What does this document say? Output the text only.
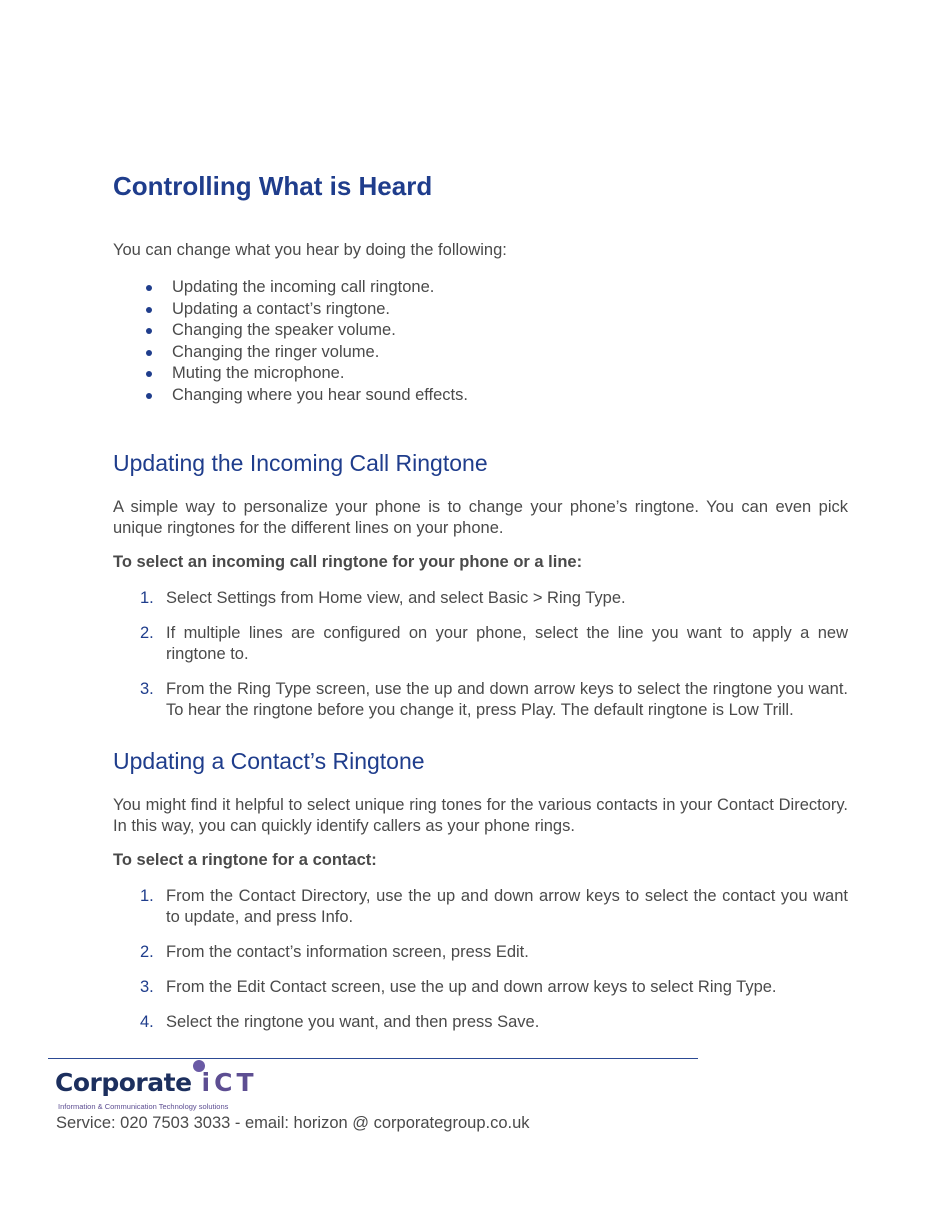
Controlling What is Heard

You can change what you hear by doing the following:

Updating the incoming call ringtone.
Updating a contact’s ringtone.
Changing the speaker volume.
Changing the ringer volume.
Muting the microphone.
Changing where you hear sound effects.
Updating the Incoming Call Ringtone

A simple way to personalize your phone is to change your phone’s ringtone. You can even pick unique ringtones for the different lines on your phone.

To select an incoming call ringtone for your phone or a line:

1. Select Settings from Home view, and select Basic > Ring Type.
2. If multiple lines are configured on your phone, select the line you want to apply a new ringtone to.
3. From the Ring Type screen, use the up and down arrow keys to select the ringtone you want. To hear the ringtone before you change it, press Play. The default ringtone is Low Trill.
Updating a Contact’s Ringtone

You might find it helpful to select unique ring tones for the various contacts in your Contact Directory. In this way, you can quickly identify callers as your phone rings.

To select a ringtone for a contact:

1. From the Contact Directory, use the up and down arrow keys to select the contact you want to update, and press Info.
2. From the contact’s information screen, press Edit.
3. From the Edit Contact screen, use the up and down arrow keys to select Ring Type.
4. Select the ringtone you want, and then press Save.
Corporate iCT
Information & Communication Technology solutions
Service: 020 7503 3033 - email: horizon @ corporategroup.co.uk
